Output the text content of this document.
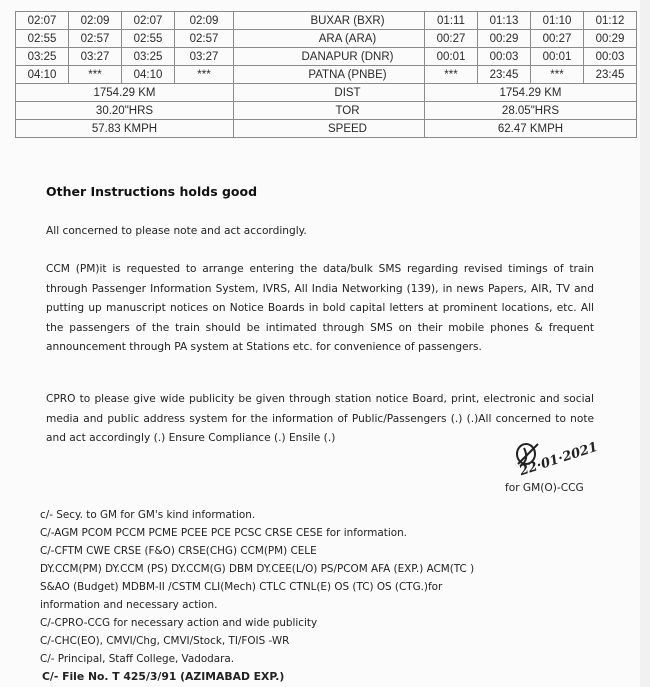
02:07	02:09	02:07	02:09	BUXAR (BXR)	01:11	01:13	01:10	01:12
02:55	02:57	02:55	02:57	ARA (ARA)	00:27	00:29	00:27	00:29
03:25	03:27	03:25	03:27	DANAPUR (DNR)	00:01	00:03	00:01	00:03
04:10	***	04:10	***	PATNA (PNBE)	***	23:45	***	23:45
1754.29 KM				DIST	1754.29 KM			
30.20"HRS				TOR	28.05"HRS			
57.83 KMPH				SPEED	62.47 KMPH			
Other Instructions holds good
All concerned to please note and act accordingly.
CCM (PM)it is requested to arrange entering the data/bulk SMS regarding revised timings of train through Passenger Information System, IVRS, All India Networking (139), in news Papers, AIR, TV and putting up manuscript notices on Notice Boards in bold capital letters at prominent locations, etc. All the passengers of the train should be intimated through SMS on their mobile phones & frequent announcement through PA system at Stations etc. for convenience of passengers.
CPRO to please give wide publicity be given through station notice Board, print, electronic and social media and public address system for the information of Public/Passengers (.) (.)All concerned to note and act accordingly (.) Ensure Compliance (.) Ensile (.)
22·01·2021
for GM(O)-CCG
c/- Secy. to GM for GM's kind information.
C/-AGM PCOM PCCM PCME PCEE PCE PCSC CRSE CESE for information.
C/-CFTM CWE CRSE (F&O) CRSE(CHG) CCM(PM) CELE
DY.CCM(PM) DY.CCM (PS) DY.CCM(G) DBM DY.CEE(L/O) PS/PCOM AFA (EXP.) ACM(TC )
S&AO (Budget) MDBM-II /CSTM CLI(Mech) CTLC CTNL(E) OS (TC) OS (CTG.)for
information and necessary action.
C/-CPRO-CCG for necessary action and wide publicity
C/-CHC(EO), CMVI/Chg, CMVI/Stock, TI/FOIS -WR
C/- Principal, Staff College, Vadodara.
C/- File No. T 425/3/91 (AZIMABAD EXP.)
